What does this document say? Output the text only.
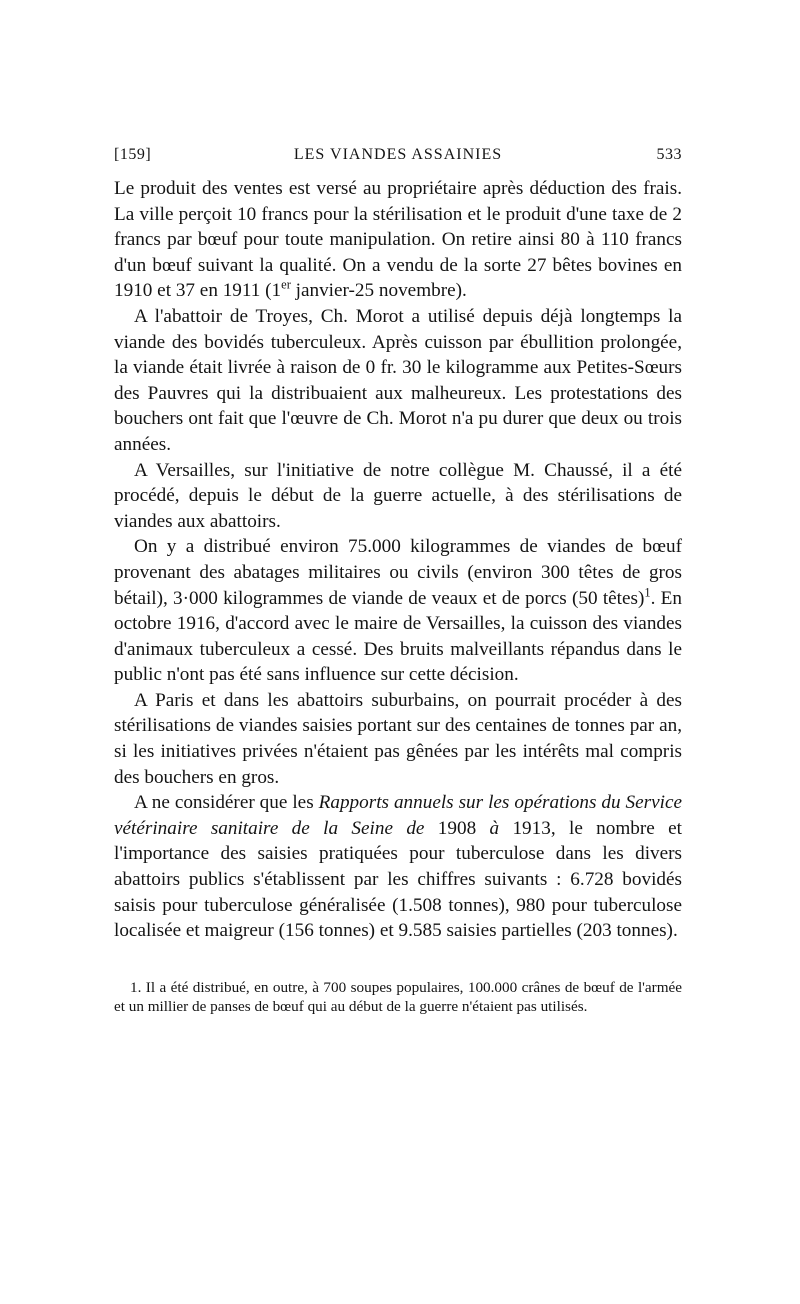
[159]	LES VIANDES ASSAINIES	533

Le produit des ventes est versé au propriétaire après déduction des frais. La ville perçoit 10 francs pour la stérilisation et le produit d'une taxe de 2 francs par bœuf pour toute manipulation. On retire ainsi 80 à 110 francs d'un bœuf suivant la qualité. On a vendu de la sorte 27 bêtes bovines en 1910 et 37 en 1911 (1er janvier-25 novembre).

A l'abattoir de Troyes, Ch. Morot a utilisé depuis déjà longtemps la viande des bovidés tuberculeux. Après cuisson par ébullition prolongée, la viande était livrée à raison de 0 fr. 30 le kilogramme aux Petites-Sœurs des Pauvres qui la distribuaient aux malheureux. Les protestations des bouchers ont fait que l'œuvre de Ch. Morot n'a pu durer que deux ou trois années.

A Versailles, sur l'initiative de notre collègue M. Chaussé, il a été procédé, depuis le début de la guerre actuelle, à des stérilisations de viandes aux abattoirs.

On y a distribué environ 75.000 kilogrammes de viandes de bœuf provenant des abatages militaires ou civils (environ 300 têtes de gros bétail), 3·000 kilogrammes de viande de veaux et de porcs (50 têtes)$^1$. En octobre 1916, d'accord avec le maire de Versailles, la cuisson des viandes d'animaux tuberculeux a cessé. Des bruits malveillants répandus dans le public n'ont pas été sans influence sur cette décision.

A Paris et dans les abattoirs suburbains, on pourrait procéder à des stérilisations de viandes saisies portant sur des centaines de tonnes par an, si les initiatives privées n'étaient pas gênées par les intérêts mal compris des bouchers en gros.

A ne considérer que les Rapports annuels sur les opérations du Service vétérinaire sanitaire de la Seine de 1908 à 1913, le nombre et l'importance des saisies pratiquées pour tuberculose dans les divers abattoirs publics s'établissent par les chiffres suivants : 6.728 bovidés saisis pour tuberculose généralisée (1.508 tonnes), 980 pour tuberculose localisée et maigreur (156 tonnes) et 9.585 saisies partielles (203 tonnes).

1. Il a été distribué, en outre, à 700 soupes populaires, 100.000 crânes de bœuf de l'armée et un millier de panses de bœuf qui au début de la guerre n'étaient pas utilisés.
